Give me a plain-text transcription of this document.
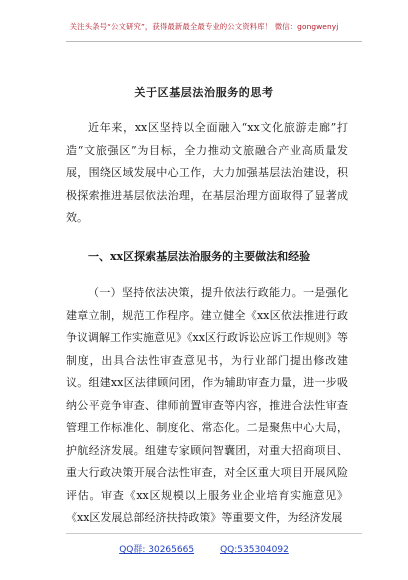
关注头条号“公文研究”，获得最新最全最专业的公文资料库！ 微信：gongwenyj
关于区基层法治服务的思考

近年来，xx区坚持以全面融入“xx文化旅游走廊”打造“文旅强区”为目标，全力推动文旅融合产业高质量发展，围绕区域发展中心工作，大力加强基层法治建设，积极探索推进基层依法治理，在基层治理方面取得了显著成效。

一、xx区探索基层法治服务的主要做法和经验

（一）坚持依法决策，提升依法行政能力。一是强化建章立制，规范工作程序。建立健全《xx区依法推进行政争议调解工作实施意见》《xx区行政诉讼应诉工作规则》等制度，出具合法性审查意见书，为行业部门提出修改建议。组建xx区法律顾问团，作为辅助审查力量，进一步吸纳公平竞争审查、律师前置审查等内容，推进合法性审查管理工作标准化、制度化、常态化。二是聚焦中心大局，护航经济发展。组建专家顾问智囊团，对重大招商项目、重大行政决策开展合法性审查，对全区重大项目开展风险评估。审查《xx区规模以上服务业企业培育实施意见》《xx区发展总部经济扶持政策》等重要文件，为经济发展

QQ群: 30265665	QQ:535304092
